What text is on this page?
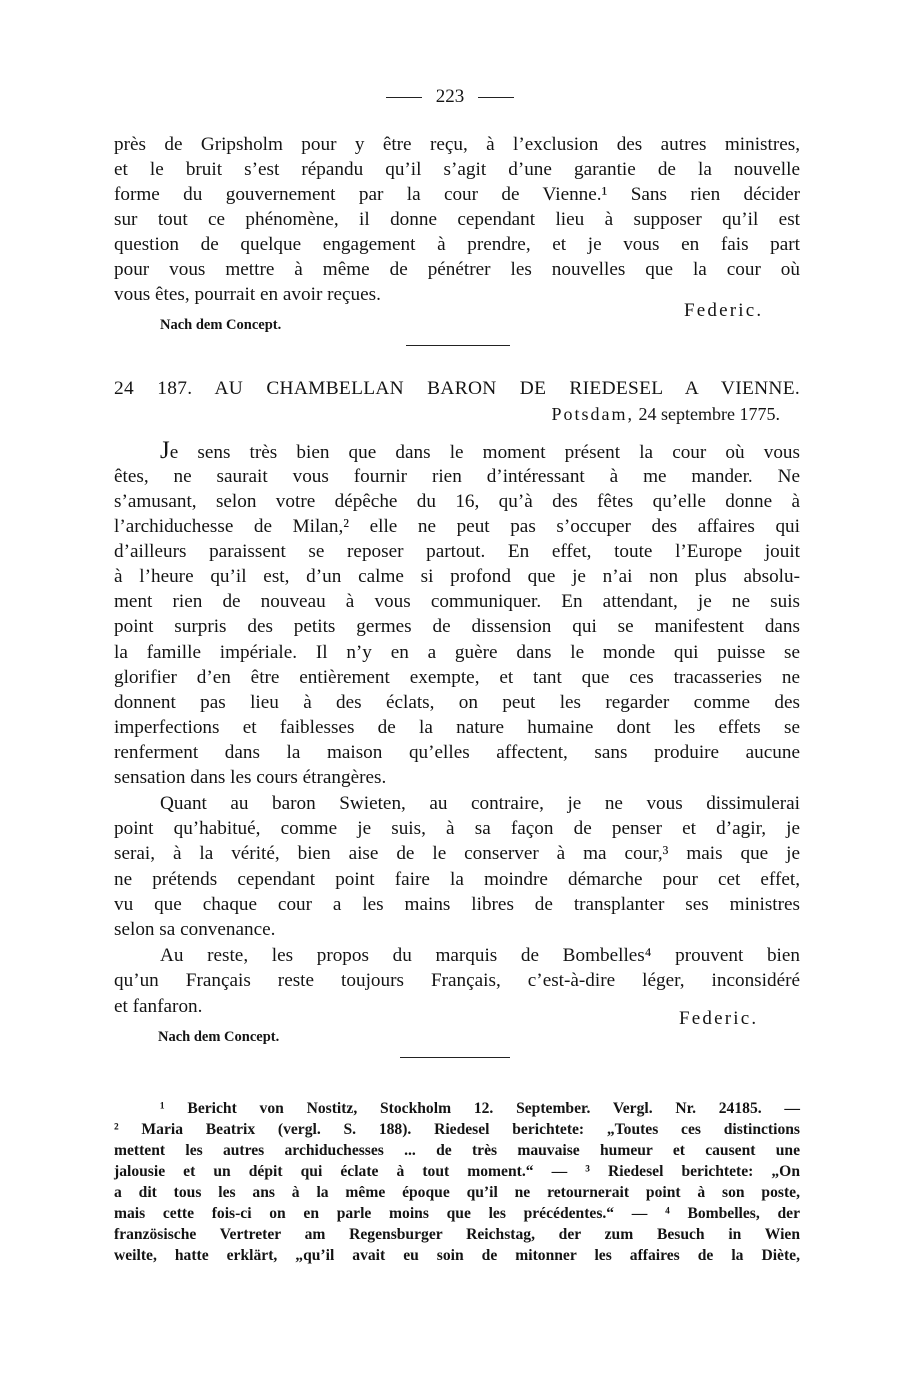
223
près de Gripsholm pour y être reçu, à l’exclusion des autres ministres,
et le bruit s’est répandu qu’il s’agit d’une garantie de la nouvelle
forme du gouvernement par la cour de Vienne.¹ Sans rien décider
sur tout ce phénomène, il donne cependant lieu à supposer qu’il est
question de quelque engagement à prendre, et je vous en fais part
pour vous mettre à même de pénétrer les nouvelles que la cour où
vous êtes, pourrait en avoir reçues.
Federic.
Nach dem Concept.
24 187. AU CHAMBELLAN BARON DE RIEDESEL A VIENNE.
Potsdam, 24 septembre 1775.
Je sens très bien que dans le moment présent la cour où vous
êtes, ne saurait vous fournir rien d’intéressant à me mander. Ne
s’amusant, selon votre dépêche du 16, qu’à des fêtes qu’elle donne à
l’archiduchesse de Milan,² elle ne peut pas s’occuper des affaires qui
d’ailleurs paraissent se reposer partout. En effet, toute l’Europe jouit
à l’heure qu’il est, d’un calme si profond que je n’ai non plus absolu-
ment rien de nouveau à vous communiquer. En attendant, je ne suis
point surpris des petits germes de dissension qui se manifestent dans
la famille impériale. Il n’y en a guère dans le monde qui puisse se
glorifier d’en être entièrement exempte, et tant que ces tracasseries ne
donnent pas lieu à des éclats, on peut les regarder comme des
imperfections et faiblesses de la nature humaine dont les effets se
renferment dans la maison qu’elles affectent, sans produire aucune
sensation dans les cours étrangères.
Quant au baron Swieten, au contraire, je ne vous dissimulerai
point qu’habitué, comme je suis, à sa façon de penser et d’agir, je
serai, à la vérité, bien aise de le conserver à ma cour,³ mais que je
ne prétends cependant point faire la moindre démarche pour cet effet,
vu que chaque cour a les mains libres de transplanter ses ministres
selon sa convenance.
Au reste, les propos du marquis de Bombelles⁴ prouvent bien
qu’un Français reste toujours Français, c’est-à-dire léger, inconsidéré
et fanfaron.
Federic.
Nach dem Concept.
¹ Bericht von Nostitz, Stockholm 12. September. Vergl. Nr. 24185. —
² Maria Beatrix (vergl. S. 188). Riedesel berichtete: „Toutes ces distinctions
mettent les autres archiduchesses ... de très mauvaise humeur et causent une
jalousie et un dépit qui éclate à tout moment.“ — ³ Riedesel berichtete: „On
a dit tous les ans à la même époque qu’il ne retournerait point à son poste,
mais cette fois-ci on en parle moins que les précédentes.“ — ⁴ Bombelles, der
französische Vertreter am Regensburger Reichstag, der zum Besuch in Wien
weilte, hatte erklärt, „qu’il avait eu soin de mitonner les affaires de la Diète,
